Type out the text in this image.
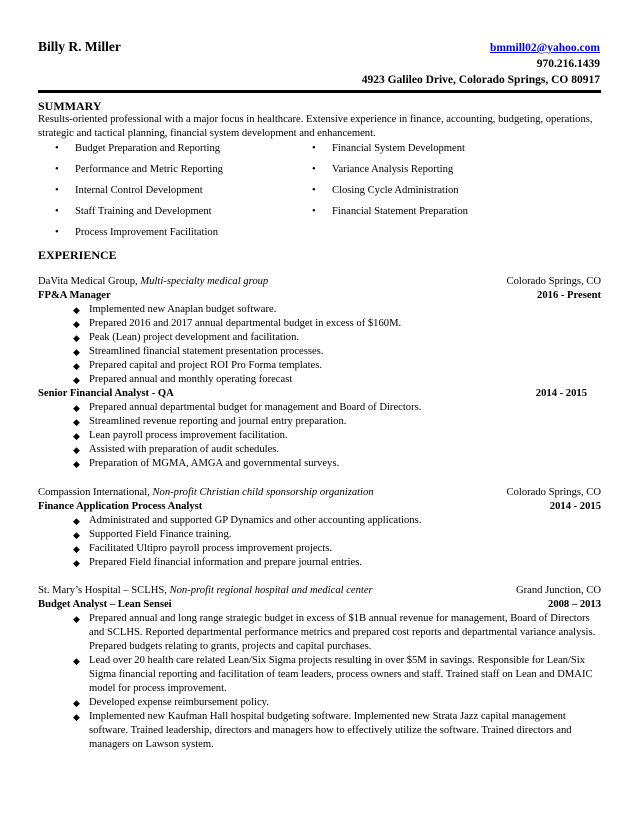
Billy R. Miller	bmmill02@yahoo.com
970.216.1439
4923 Galileo Drive, Colorado Springs, CO 80917
SUMMARY
Results-oriented professional with a major focus in healthcare. Extensive experience in finance, accounting, budgeting, operations, strategic and tactical planning, financial system development and enhancement.
• Budget Preparation and Reporting
• Performance and Metric Reporting
• Internal Control Development
• Staff Training and Development
• Process Improvement Facilitation
• Financial System Development
• Variance Analysis Reporting
• Closing Cycle Administration
• Financial Statement Preparation
EXPERIENCE
DaVita Medical Group, Multi-specialty medical group	Colorado Springs, CO
FP&A Manager	2016 - Present
◆ Implemented new Anaplan budget software.
◆ Prepared 2016 and 2017 annual departmental budget in excess of $160M.
◆ Peak (Lean) project development and facilitation.
◆ Streamlined financial statement presentation processes.
◆ Prepared capital and project ROI Pro Forma templates.
◆ Prepared annual and monthly operating forecast
Senior Financial Analyst - QA	2014 - 2015
◆ Prepared annual departmental budget for management and Board of Directors.
◆ Streamlined revenue reporting and journal entry preparation.
◆ Lean payroll process improvement facilitation.
◆ Assisted with preparation of audit schedules.
◆ Preparation of MGMA, AMGA and governmental surveys.
Compassion International, Non-profit Christian child sponsorship organization	Colorado Springs, CO
Finance Application Process Analyst	2014 - 2015
◆ Administrated and supported GP Dynamics and other accounting applications.
◆ Supported Field Finance training.
◆ Facilitated Ultipro payroll process improvement projects.
◆ Prepared Field financial information and prepare journal entries.
St. Mary’s Hospital – SCLHS, Non-profit regional hospital and medical center	Grand Junction, CO
Budget Analyst – Lean Sensei	2008 – 2013
◆ Prepared annual and long range strategic budget in excess of $1B annual revenue for management, Board of Directors and SCLHS. Reported departmental performance metrics and prepared cost reports and departmental variance analysis. Prepared budgets relating to grants, projects and capital purchases.
◆ Lead over 20 health care related Lean/Six Sigma projects resulting in over $5M in savings. Responsible for Lean/Six Sigma financial reporting and facilitation of team leaders, process owners and staff. Trained staff on Lean and DMAIC model for process improvement.
◆ Developed expense reimbursement policy.
◆ Implemented new Kaufman Hall hospital budgeting software. Implemented new Strata Jazz capital management software. Trained leadership, directors and managers how to effectively utilize the software. Trained directors and managers on Lawson system.
